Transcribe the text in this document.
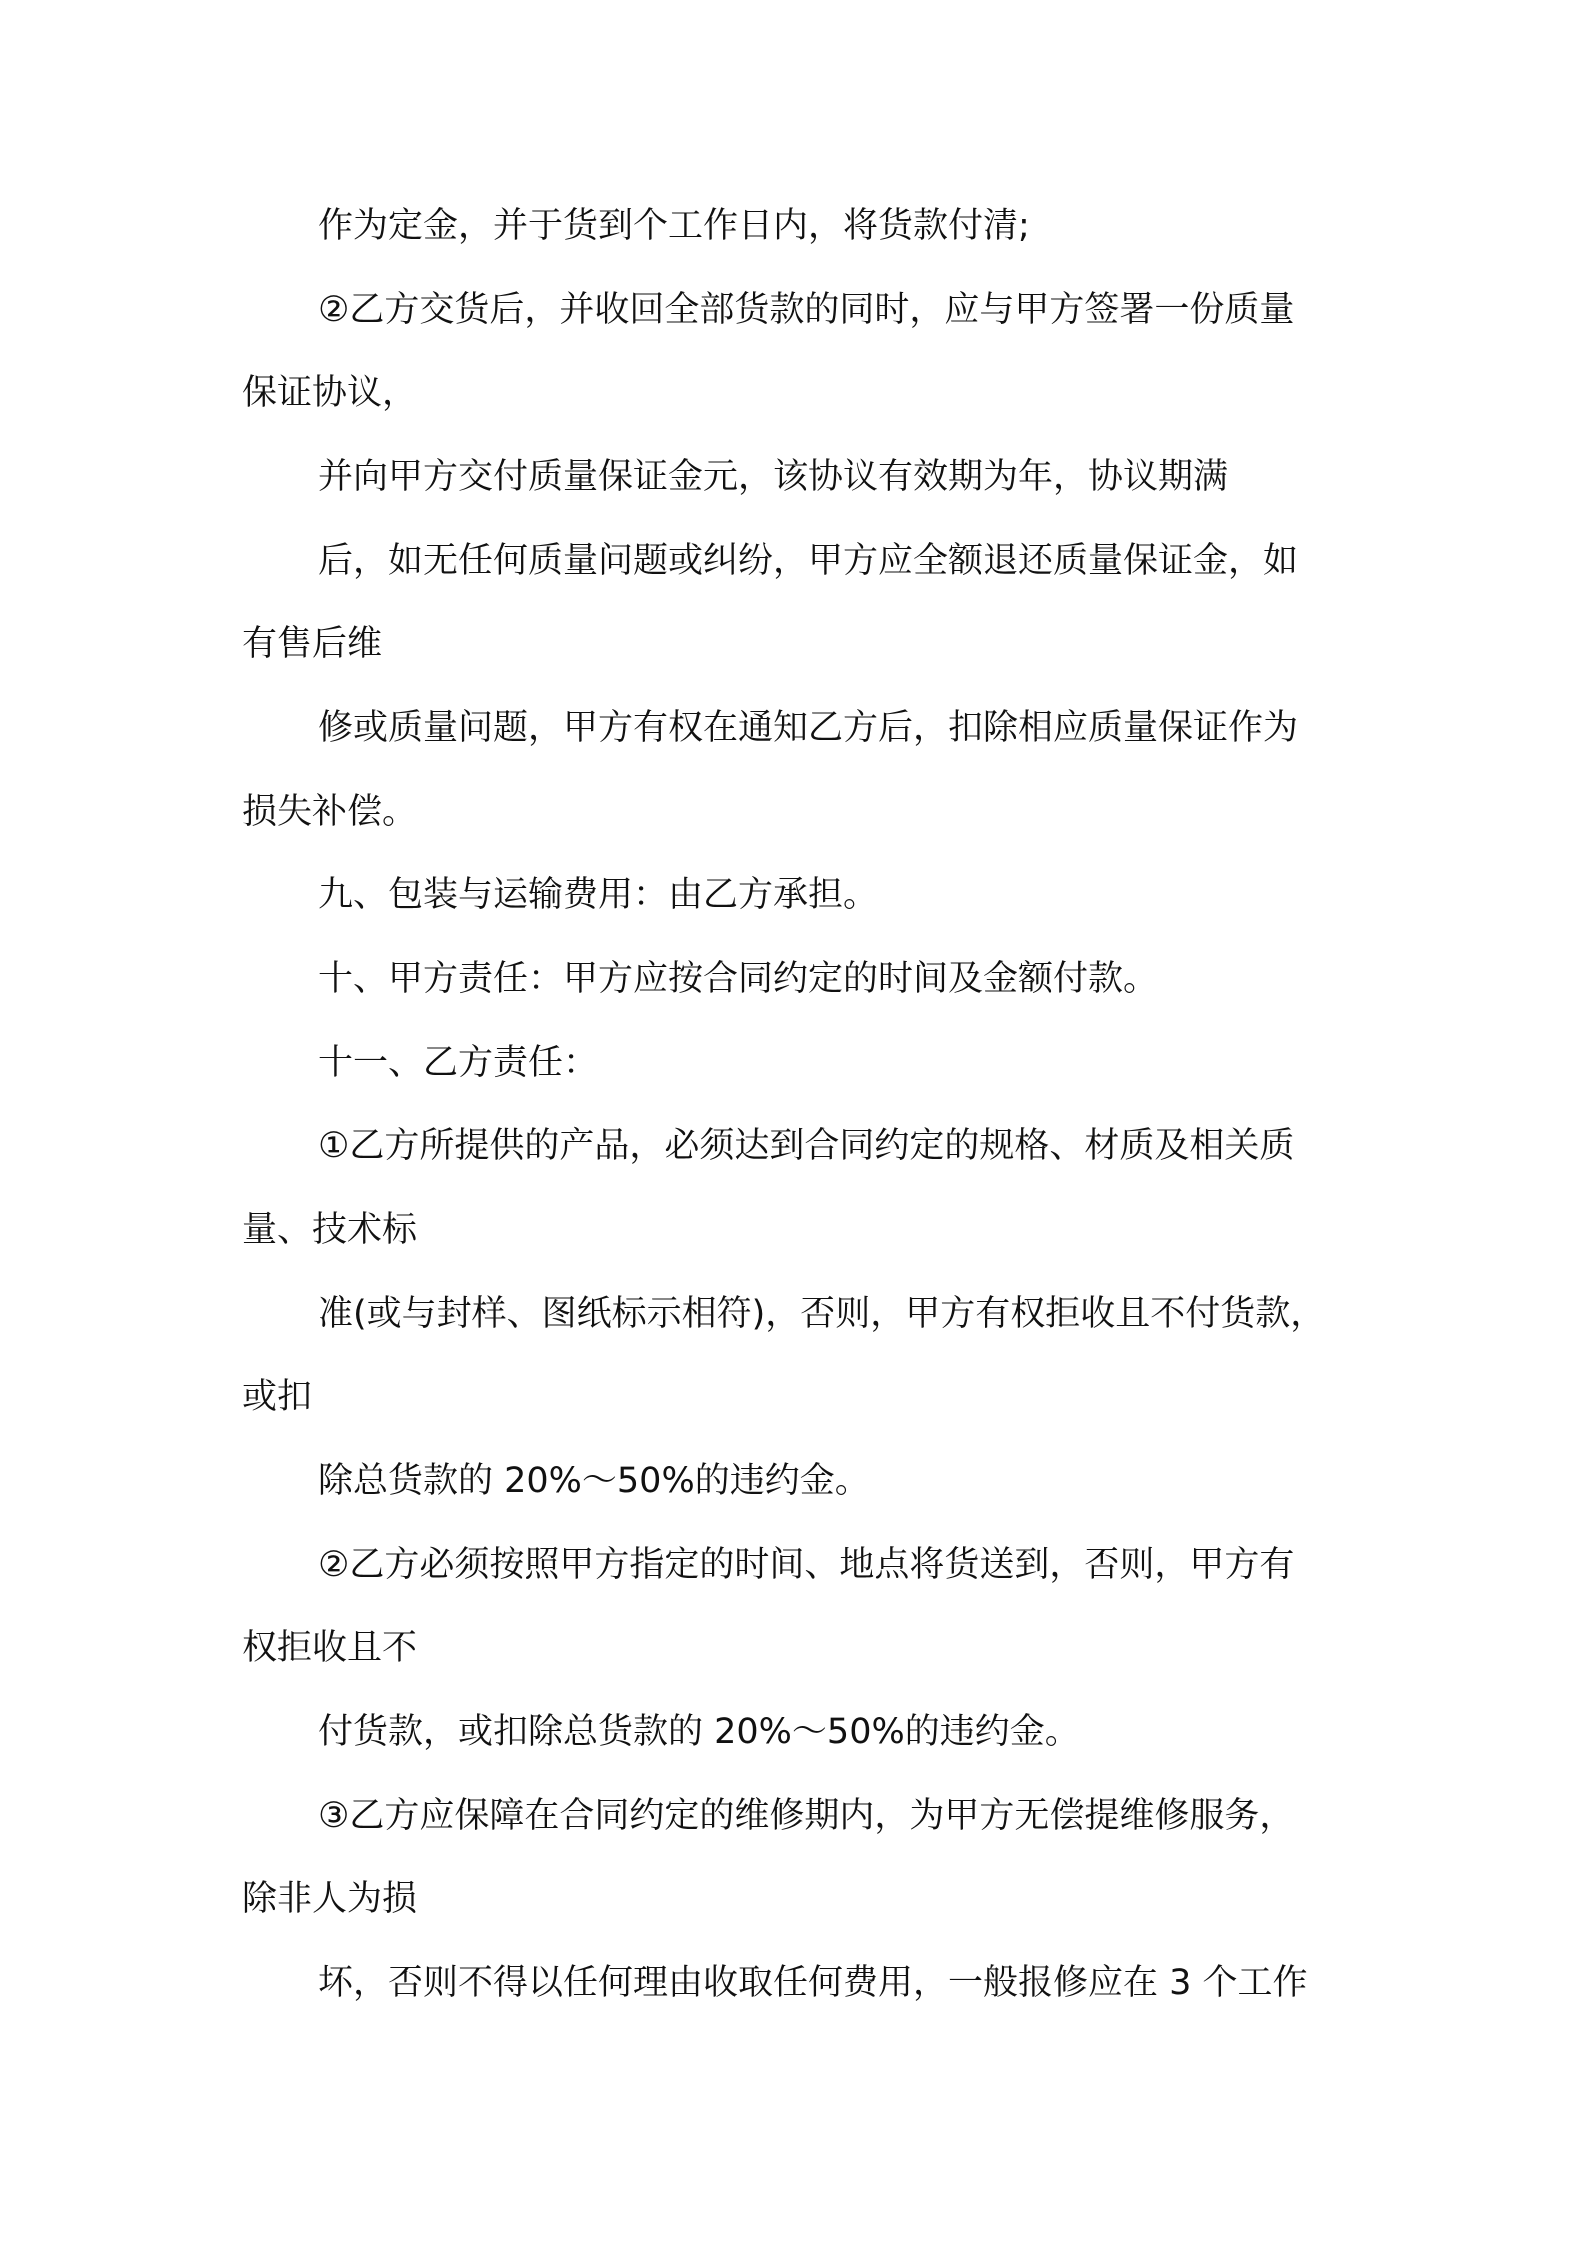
作为定金，并于货到个工作日内，将货款付清;
②乙方交货后，并收回全部货款的同时，应与甲方签署一份质量
保证协议，
并向甲方交付质量保证金元，该协议有效期为年，协议期满
后，如无任何质量问题或纠纷，甲方应全额退还质量保证金，如
有售后维
修或质量问题，甲方有权在通知乙方后，扣除相应质量保证作为
损失补偿。
九、包装与运输费用：由乙方承担。
十、甲方责任：甲方应按合同约定的时间及金额付款。
十一、乙方责任：
①乙方所提供的产品，必须达到合同约定的规格、材质及相关质
量、技术标
准(或与封样、图纸标示相符)，否则，甲方有权拒收且不付货款，
或扣
除总货款的 20%～50%的违约金。
②乙方必须按照甲方指定的时间、地点将货送到，否则，甲方有
权拒收且不
付货款，或扣除总货款的 20%～50%的违约金。
③乙方应保障在合同约定的维修期内，为甲方无偿提维修服务，
除非人为损
坏，否则不得以任何理由收取任何费用，一般报修应在 3 个工作
